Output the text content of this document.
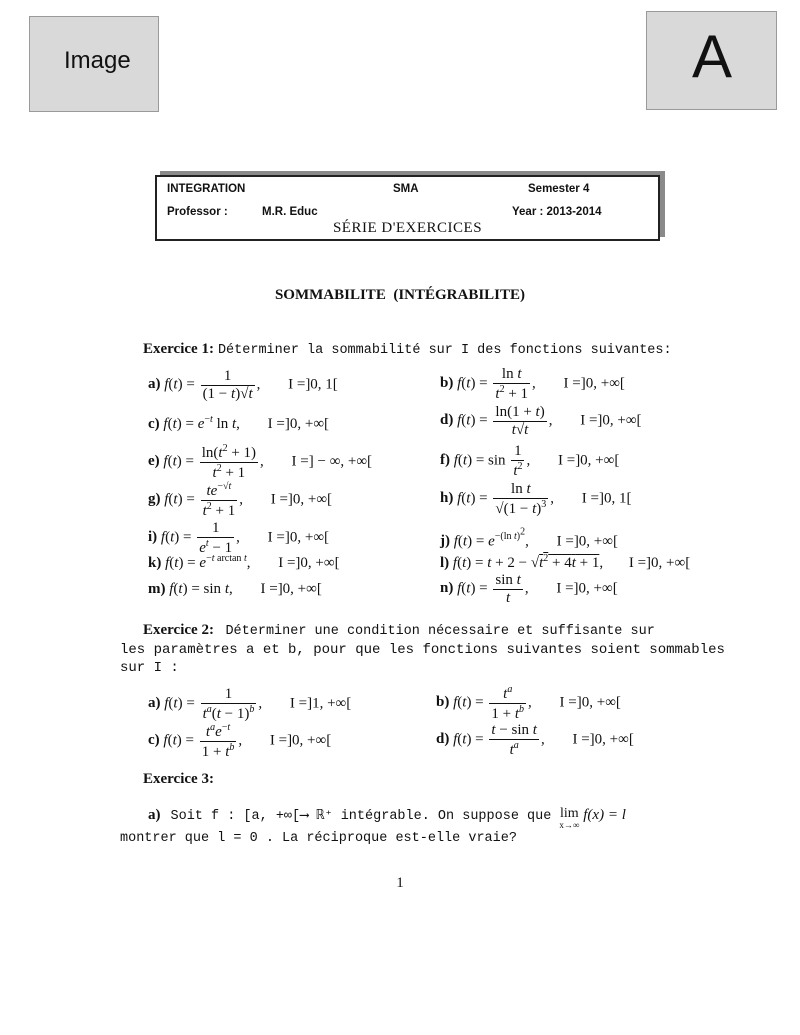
Image	A
INTEGRATION	SMA	Semester 4
Professor :	M.R. Educ	Year : 2013-2014
SÉRIE D'EXERCICES
SOMMABILITE  (INTÉGRABILITE)
Exercice 1: Déterminer la sommabilité sur I des fonctions suivantes:
a) $f(t) = \frac{1}{(1 - t)√t}$ , I =]0, 1[	b) $f(t) = \frac{\text{ln t}}{t^2 + 1}$ , I =]0, +∞[
c) $f(t) = e^{-t}$ ln t, I =]0, +∞[	d) $f(t) = \frac{\ln(1 + t)}{t√t}$ , I =]0, +∞[
e) $f(t) = \frac{\ln(t^2 + 1)}{t^2 + 1}$ , I =] − ∞, +∞[	f) $f(t) = \sin \frac{1}{t^2}$ , I =]0, +∞[
g) $f(t) = \frac{te^{-√t}}{t^2 + 1}$ , I =]0, +∞[	h) $f(t) = \frac{\text{ln t}}{√(1 - t)^3}$ , I =]0, 1[
i) $f(t) = \frac{1}{e^t - 1}$ , I =]0, +∞[	j) $f(t) = e^{-(ln t)^2}$, I =]0, +∞[
k) $f(t) = e^{-t arctan t}$, I =]0, +∞[	l) $f(t) = t + 2 - √t^2 + 4t + 1$, I =]0, +∞[
m) f(t) = sin t, I =]0, +∞[	n) $f(t) = \frac{\text{sin t}}{t}$ , I =]0, +∞[
Exercice 2: Déterminer une condition nécessaire et suffisante sur
les paramètres a et b, pour que les fonctions suivantes soient sommables
sur I :
a) $f(t) = \frac{1}{t^a(t - 1)^b}$ , I =]1, +∞[	b) $f(t) = \frac{t^a}{1 + t^b}$ , I =]0, +∞[
c) $f(t) = \frac{t^ae^{-t}}{1 + t^b}$ , I =]0, +∞[	d) $f(t) = \frac{\text{t − sin t}}{t^a}$ , I =]0, +∞[
Exercice 3:
a) Soit f : [a, +∞[⟶ ℝ⁺ intégrable. On suppose que lim
x→∞
f(x) = l
montrer que l = 0 . La réciproque est-elle vraie?
1
